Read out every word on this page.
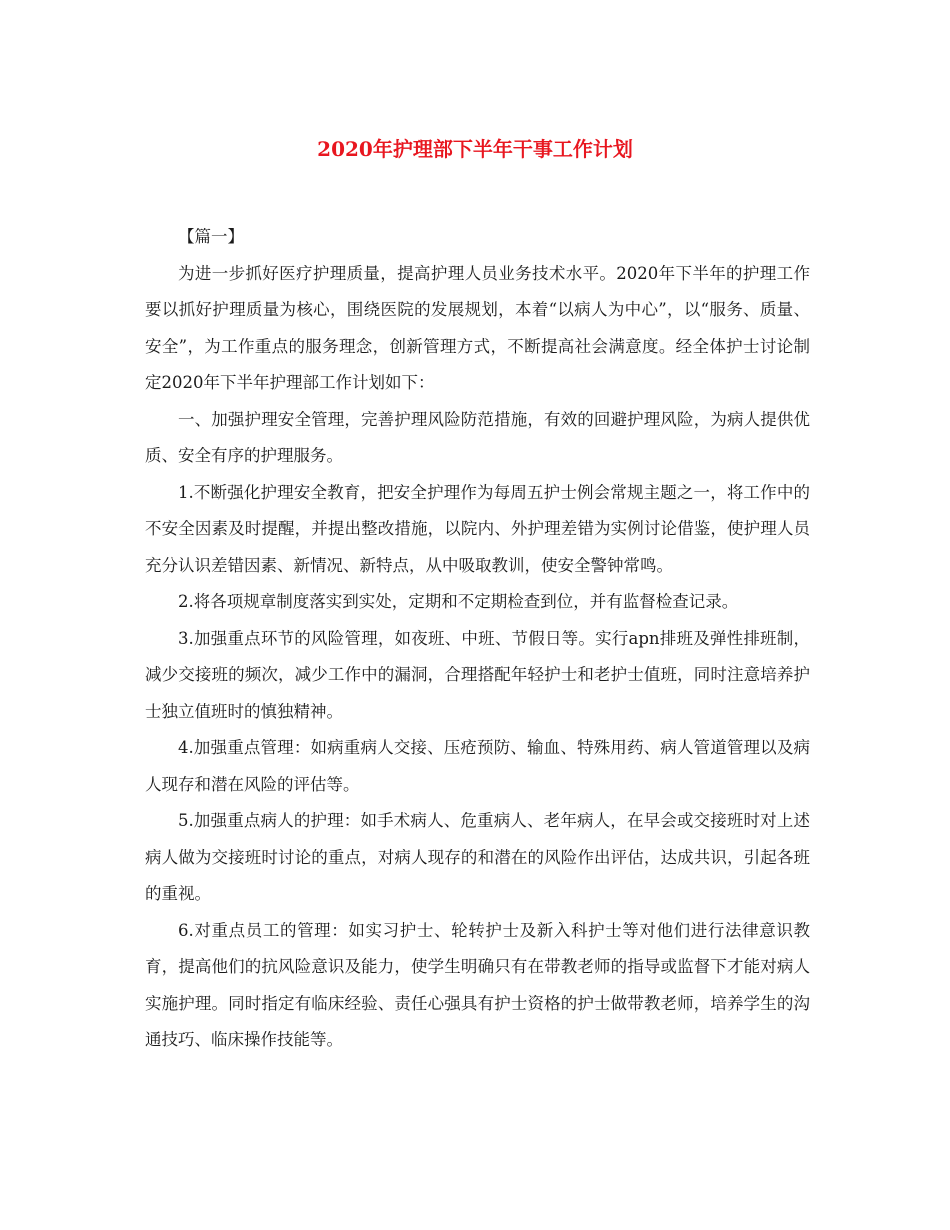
2020年护理部下半年干事工作计划

【篇一】

为进一步抓好医疗护理质量，提高护理人员业务技术水平。2020年下半年的护理工作要以抓好护理质量为核心，围绕医院的发展规划，本着“以病人为中心”，以“服务、质量、安全”，为工作重点的服务理念，创新管理方式，不断提高社会满意度。经全体护士讨论制定2020年下半年护理部工作计划如下：

一、加强护理安全管理，完善护理风险防范措施，有效的回避护理风险，为病人提供优质、安全有序的护理服务。

1.不断强化护理安全教育，把安全护理作为每周五护士例会常规主题之一，将工作中的不安全因素及时提醒，并提出整改措施，以院内、外护理差错为实例讨论借鉴，使护理人员充分认识差错因素、新情况、新特点，从中吸取教训，使安全警钟常鸣。

2.将各项规章制度落实到实处，定期和不定期检查到位，并有监督检查记录。

3.加强重点环节的风险管理，如夜班、中班、节假日等。实行apn排班及弹性排班制，减少交接班的频次，减少工作中的漏洞，合理搭配年轻护士和老护士值班，同时注意培养护士独立值班时的慎独精神。

4.加强重点管理：如病重病人交接、压疮预防、输血、特殊用药、病人管道管理以及病人现存和潜在风险的评估等。

5.加强重点病人的护理：如手术病人、危重病人、老年病人，在早会或交接班时对上述病人做为交接班时讨论的重点，对病人现存的和潜在的风险作出评估，达成共识，引起各班的重视。

6.对重点员工的管理：如实习护士、轮转护士及新入科护士等对他们进行法律意识教育，提高他们的抗风险意识及能力，使学生明确只有在带教老师的指导或监督下才能对病人实施护理。同时指定有临床经验、责任心强具有护士资格的护士做带教老师，培养学生的沟通技巧、临床操作技能等。
